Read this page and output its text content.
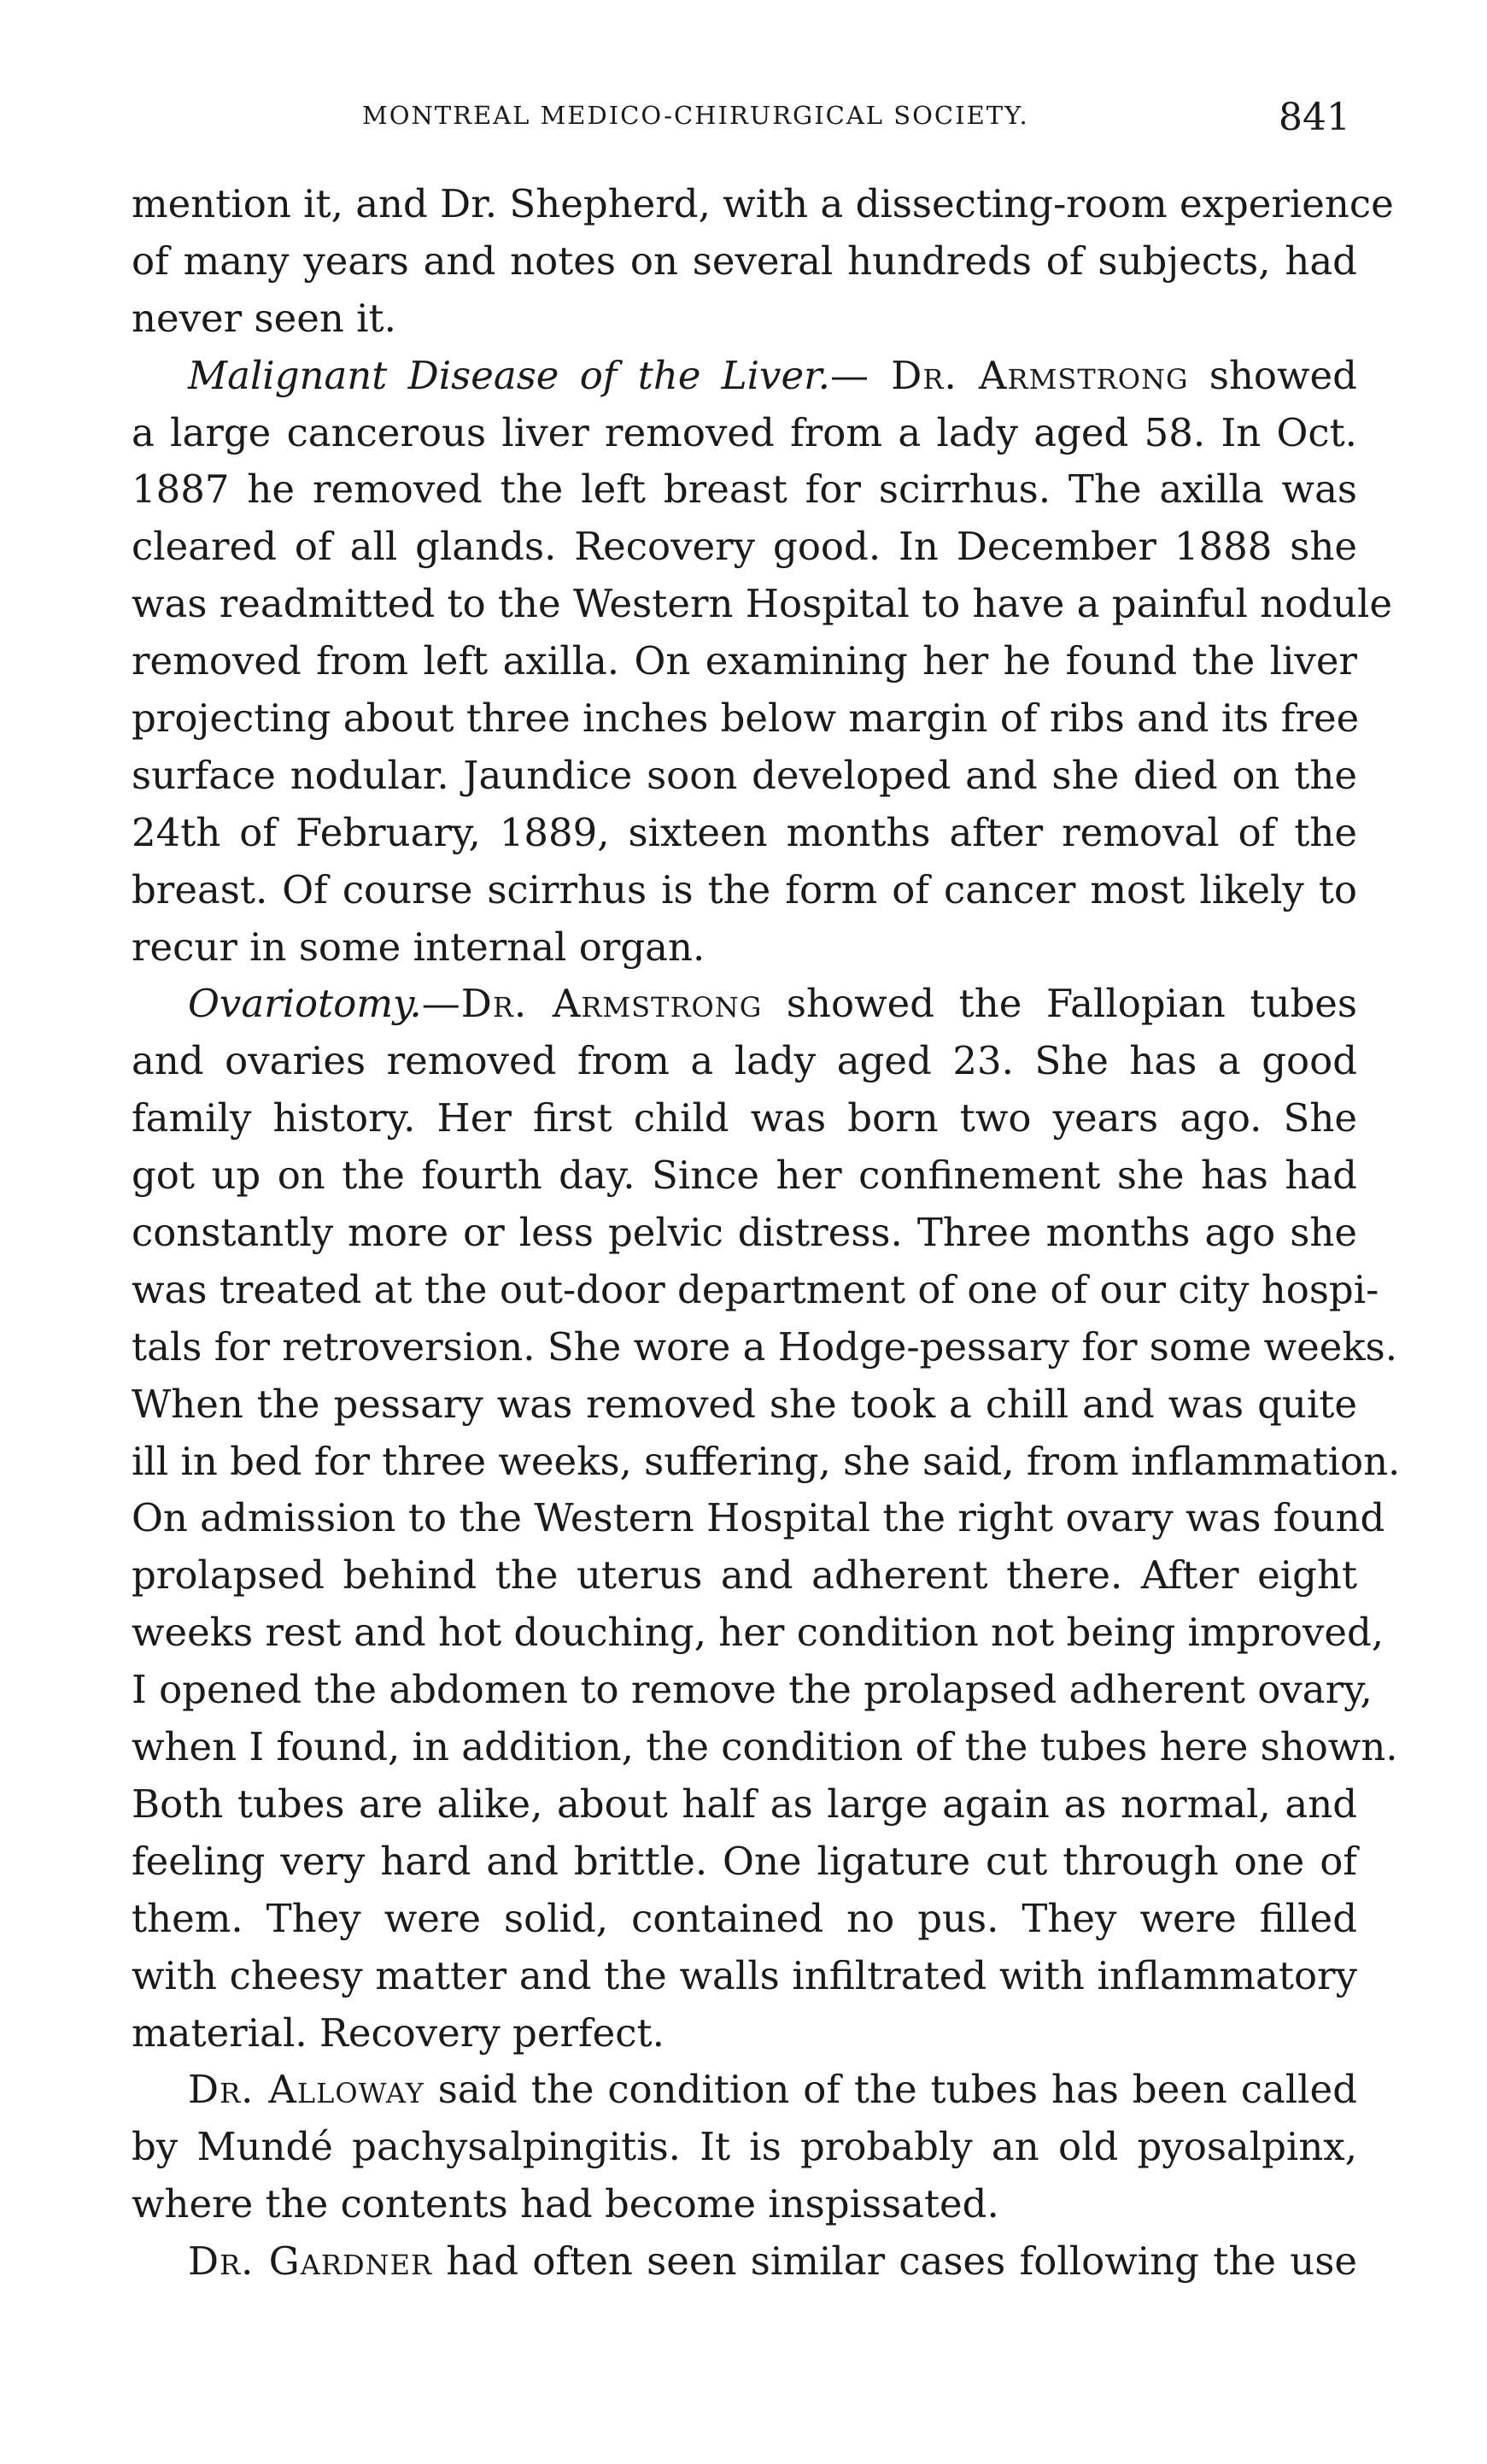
MONTREAL MEDICO-CHIRURGICAL SOCIETY.	841
mention it, and Dr. Shepherd, with a dissecting-room experience
of many years and notes on several hundreds of subjects, had
never seen it.
Malignant Disease of the Liver.— Dr. Armstrong showed
a large cancerous liver removed from a lady aged 58. In Oct.
1887 he removed the left breast for scirrhus. The axilla was
cleared of all glands. Recovery good. In December 1888 she
was readmitted to the Western Hospital to have a painful nodule
removed from left axilla. On examining her he found the liver
projecting about three inches below margin of ribs and its free
surface nodular. Jaundice soon developed and she died on the
24th of February, 1889, sixteen months after removal of the
breast. Of course scirrhus is the form of cancer most likely to
recur in some internal organ.
Ovariotomy.—Dr. Armstrong showed the Fallopian tubes
and ovaries removed from a lady aged 23. She has a good
family history. Her first child was born two years ago. She
got up on the fourth day. Since her confinement she has had
constantly more or less pelvic distress. Three months ago she
was treated at the out-door department of one of our city hospi-
tals for retroversion. She wore a Hodge-pessary for some weeks.
When the pessary was removed she took a chill and was quite
ill in bed for three weeks, suffering, she said, from inflammation.
On admission to the Western Hospital the right ovary was found
prolapsed behind the uterus and adherent there. After eight
weeks rest and hot douching, her condition not being improved,
I opened the abdomen to remove the prolapsed adherent ovary,
when I found, in addition, the condition of the tubes here shown.
Both tubes are alike, about half as large again as normal, and
feeling very hard and brittle. One ligature cut through one of
them. They were solid, contained no pus. They were filled
with cheesy matter and the walls infiltrated with inflammatory
material. Recovery perfect.
Dr. Alloway said the condition of the tubes has been called
by Mundé pachysalpingitis. It is probably an old pyosalpinx,
where the contents had become inspissated.
Dr. Gardner had often seen similar cases following the use
